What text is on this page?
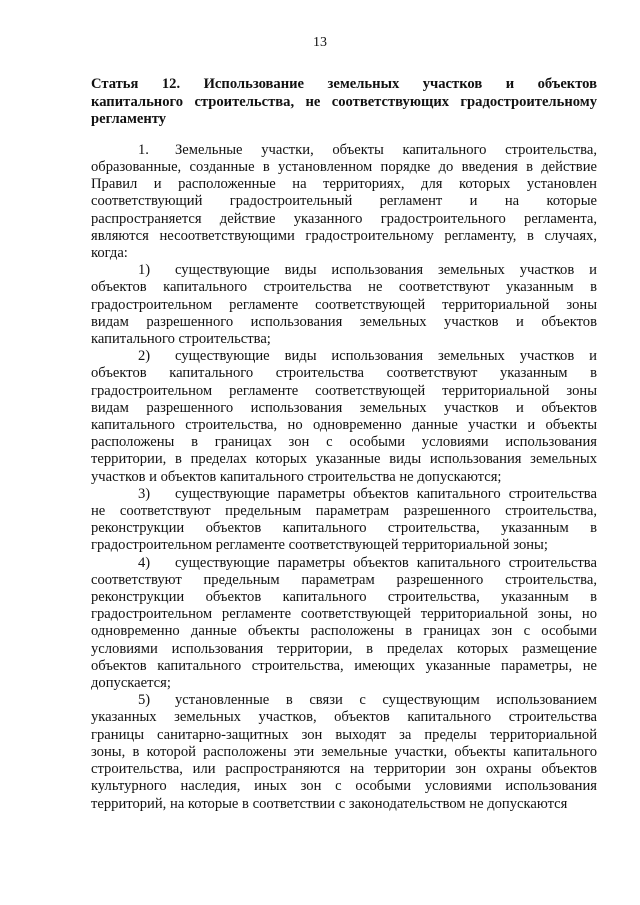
13
Статья 12. Использование земельных участков и объектов
капитального строительства, не соответствующих градостроительному
регламенту
1.	Земельные участки, объекты капитального строительства,
образованные, созданные в установленном порядке до введения в действие
Правил и расположенные на территориях, для которых установлен
соответствующий градостроительный регламент и на которые
распространяется действие указанного градостроительного регламента,
являются несоответствующими градостроительному регламенту, в случаях,
когда:
1)	существующие виды использования земельных участков и
объектов капитального строительства не соответствуют указанным в
градостроительном регламенте соответствующей территориальной зоны
видам разрешенного использования земельных участков и объектов
капитального строительства;
2)	существующие виды использования земельных участков и
объектов капитального строительства соответствуют указанным в
градостроительном регламенте соответствующей территориальной зоны
видам разрешенного использования земельных участков и объектов
капитального строительства, но одновременно данные участки и объекты
расположены в границах зон с особыми условиями использования
территории, в пределах которых указанные виды использования земельных
участков и объектов капитального строительства не допускаются;
3)	существующие параметры объектов капитального строительства
не соответствуют предельным параметрам разрешенного строительства,
реконструкции объектов капитального строительства, указанным в
градостроительном регламенте соответствующей территориальной зоны;
4)	существующие параметры объектов капитального строительства
соответствуют предельным параметрам разрешенного строительства,
реконструкции объектов капитального строительства, указанным в
градостроительном регламенте соответствующей территориальной зоны, но
одновременно данные объекты расположены в границах зон с особыми
условиями использования территории, в пределах которых размещение
объектов капитального строительства, имеющих указанные параметры, не
допускается;
5)	установленные в связи с существующим использованием
указанных земельных участков, объектов капитального строительства
границы санитарно-защитных зон выходят за пределы территориальной
зоны, в которой расположены эти земельные участки, объекты капитального
строительства, или распространяются на территории зон охраны объектов
культурного наследия, иных зон с особыми условиями использования
территорий, на которые в соответствии с законодательством не допускаются
